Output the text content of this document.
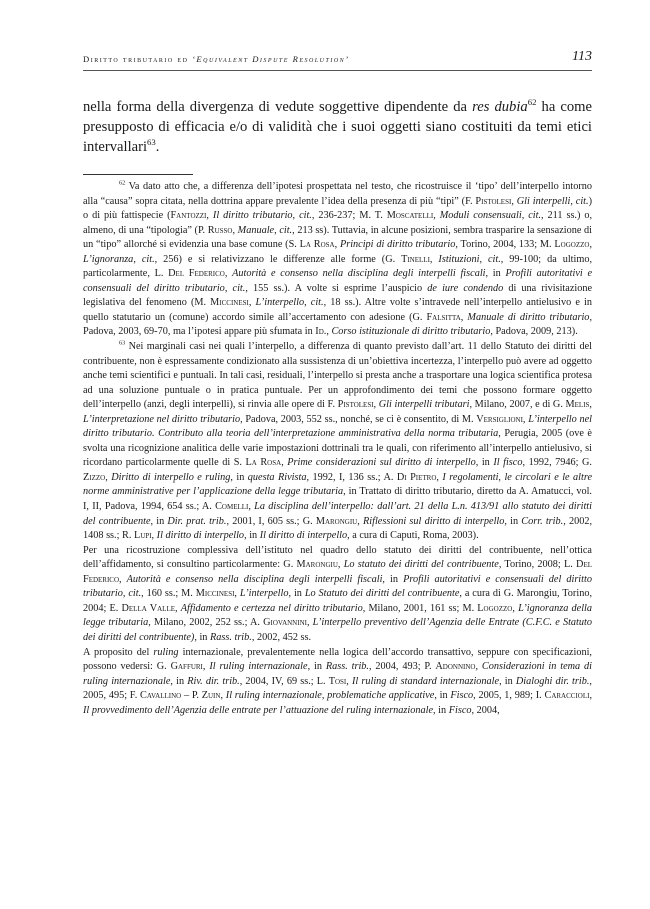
Diritto tributario ed ‘Equivalent Dispute Resolution’	113

nella forma della divergenza di vedute soggettive dipendente da res dubia$^{62}$ ha come presupposto di efficacia e/o di validità che i suoi oggetti siano costituiti da temi etici intervallari$^{63}$.

$^{62}$ Va dato atto che, a differenza dell’ipotesi prospettata nel testo, che ricostruisce il ‘tipo’ dell’interpello intorno alla “causa” sopra citata, nella dottrina appare prevalente l’idea della presenza di più “tipi” (F. Pistolesi, Gli interpelli, cit.) o di più fattispecie (Fantozzi, Il diritto tributario, cit., 236-237; M. T. Moscatelli, Moduli consensuali, cit., 211 ss.) o, almeno, di una “tipologia” (P. Russo, Manuale, cit., 213 ss). Tuttavia, in alcune posizioni, sembra trasparire la sensazione di un “tipo” allorché si evidenzia una base comune (S. La Rosa, Principi di diritto tributario, Torino, 2004, 133; M. Logozzo, L’ignoranza, cit., 256) e si relativizzano le differenze alle forme (G. Tinelli, Istituzioni, cit., 99-100; da ultimo, particolarmente, L. Del Federico, Autorità e consenso nella disciplina degli interpelli fiscali, in Profili autoritativi e consensuali del diritto tributario, cit., 155 ss.). A volte si esprime l’auspicio de iure condendo di una rivisitazione legislativa del fenomeno (M. Miccinesi, L’interpello, cit., 18 ss.). Altre volte s’intravede nell’interpello antielusivo e in quello statutario un (comune) accordo simile all’accertamento con adesione (G. Falsitta, Manuale di diritto tributario, Padova, 2003, 69-70, ma l’ipotesi appare più sfumata in Id., Corso istituzionale di diritto tributario, Padova, 2009, 213).

$^{63}$ Nei marginali casi nei quali l’interpello, a differenza di quanto previsto dall’art. 11 dello Statuto dei diritti del contribuente, non è espressamente condizionato alla sussistenza di un’obiettiva incertezza, l’interpello può avere ad oggetto anche temi scientifici e puntuali. In tali casi, residuali, l’interpello si presta anche a trasportare una logica scientifica protesa ad una soluzione puntuale o in pratica puntuale. Per un approfondimento dei temi che possono formare oggetto dell’interpello (anzi, degli interpelli), si rinvia alle opere di F. Pistolesi, Gli interpelli tributari, Milano, 2007, e di G. Melis, L’interpretazione nel diritto tributario, Padova, 2003, 552 ss., nonché, se ci è consentito, di M. Versiglioni, L’interpello nel diritto tributario. Contributo alla teoria dell’interpretazione amministrativa della norma tributaria, Perugia, 2005 (ove è svolta una ricognizione analitica delle varie impostazioni dottrinali tra le quali, con riferimento all’interpello antielusivo, si ricordano particolarmente quelle di S. La Rosa, Prime considerazioni sul diritto di interpello, in Il fisco, 1992, 7946; G. Zizzo, Diritto di interpello e ruling, in questa Rivista, 1992, I, 136 ss.; A. Di Pietro, I regolamenti, le circolari e le altre norme amministrative per l’applicazione della legge tributaria, in Trattato di diritto tributario, diretto da A. Amatucci, vol. I, II, Padova, 1994, 654 ss.; A. Comelli, La disciplina dell’interpello: dall’art. 21 della L.n. 413/91 allo statuto dei diritti del contribuente, in Dir. prat. trib., 2001, I, 605 ss.; G. Marongiu, Riflessioni sul diritto di interpello, in Corr. trib., 2002, 1408 ss.; R. Lupi, Il diritto di interpello, in Il diritto di interpello, a cura di Caputi, Roma, 2003).

Per una ricostruzione complessiva dell’istituto nel quadro dello statuto dei diritti del contribuente, nell’ottica dell’affidamento, si consultino particolarmente: G. Marongiu, Lo statuto dei diritti del contribuente, Torino, 2008; L. Del Federico, Autorità e consenso nella disciplina degli interpelli fiscali, in Profili autoritativi e consensuali del diritto tributario, cit., 160 ss.; M. Miccinesi, L’interpello, in Lo Statuto dei diritti del contribuente, a cura di G. Marongiu, Torino, 2004; E. Della Valle, Affidamento e certezza nel diritto tributario, Milano, 2001, 161 ss; M. Logozzo, L’ignoranza della legge tributaria, Milano, 2002, 252 ss.; A. Giovannini, L’interpello preventivo dell’Agenzia delle Entrate (C.F.C. e Statuto dei diritti del contribuente), in Rass. trib., 2002, 452 ss.

A proposito del ruling internazionale, prevalentemente nella logica dell’accordo transattivo, seppure con specificazioni, possono vedersi: G. Gaffuri, Il ruling internazionale, in Rass. trib., 2004, 493; P. Adonnino, Considerazioni in tema di ruling internazionale, in Riv. dir. trib., 2004, IV, 69 ss.; L. Tosi, Il ruling di standard internazionale, in Dialoghi dir. trib., 2005, 495; F. Cavallino – P. Zuin, Il ruling internazionale, problematiche applicative, in Fisco, 2005, 1, 989; I. Caraccioli, Il provvedimento dell’Agenzia delle entrate per l’attuazione del ruling internazionale, in Fisco, 2004,
